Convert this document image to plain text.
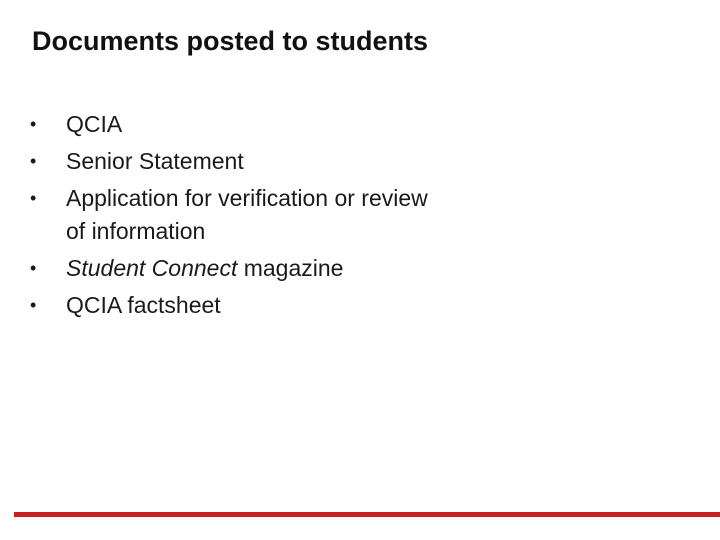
Documents posted to students
• QCIA
• Senior Statement
• Application for verification or review of information
• Student Connect magazine
• QCIA factsheet
